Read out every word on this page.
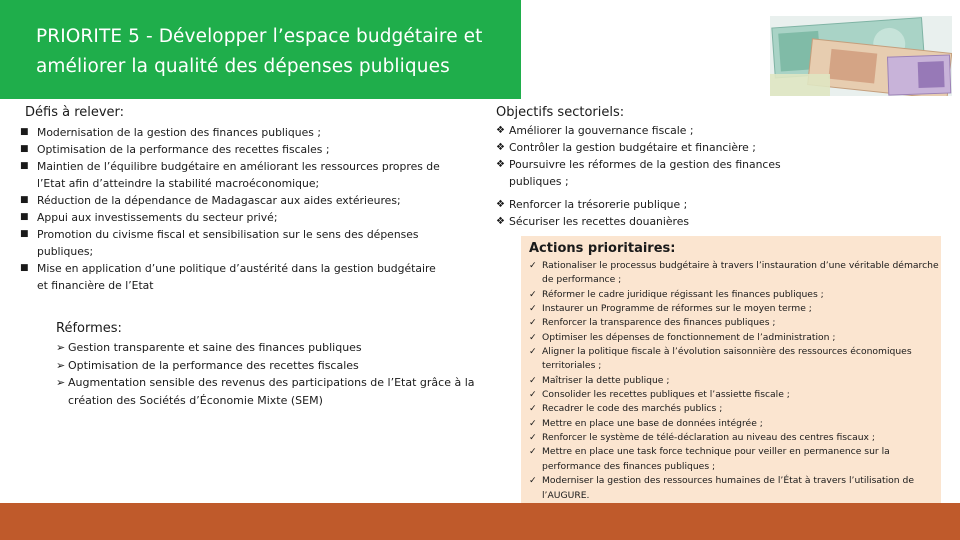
PRIORITE 5 - Développer l’espace budgétaire et
améliorer la qualité des dépenses publiques
Défis à relever:
■ Modernisation de la gestion des finances publiques ;
■ Optimisation de la performance des recettes fiscales ;
■ Maintien de l’équilibre budgétaire en améliorant les ressources propres de l’Etat afin d’atteindre la stabilité macroéconomique;
■ Réduction de la dépendance de Madagascar aux aides extérieures;
■ Appui aux investissements du secteur privé;
■ Promotion du civisme fiscal et sensibilisation sur le sens des dépenses publiques;
■ Mise en application d’une politique d’austérité dans la gestion budgétaire et financière de l’Etat
Réformes:
➢ Gestion transparente et saine des finances publiques
➢ Optimisation de la performance des recettes fiscales
➢ Augmentation sensible des revenus des participations de l’Etat grâce à la création des Sociétés d’Économie Mixte (SEM)
Objectifs sectoriels:
❖ Améliorer la gouvernance fiscale ;
❖ Contrôler la gestion budgétaire et financière ;
❖ Poursuivre les réformes de la gestion des finances publiques ;
❖ Renforcer la trésorerie publique ;
❖ Sécuriser les recettes douanières
Actions prioritaires:
✓ Rationaliser le processus budgétaire à travers l’instauration d’une véritable démarche de performance ;
✓ Réformer le cadre juridique régissant les finances publiques ;
✓ Instaurer un Programme de réformes sur le moyen terme ;
✓ Renforcer la transparence des finances publiques ;
✓ Optimiser les dépenses de fonctionnement de l’administration ;
✓ Aligner la politique fiscale à l’évolution saisonnière des ressources économiques territoriales ;
✓ Maîtriser la dette publique ;
✓ Consolider les recettes publiques et l’assiette fiscale ;
✓ Recadrer le code des marchés publics ;
✓ Mettre en place une base de données intégrée ;
✓ Renforcer le système de télé-déclaration au niveau des centres fiscaux ;
✓ Mettre en place une task force technique pour veiller en permanence sur la performance des finances publiques ;
✓ Moderniser la gestion des ressources humaines de l’État à travers l’utilisation de l’AUGURE.
